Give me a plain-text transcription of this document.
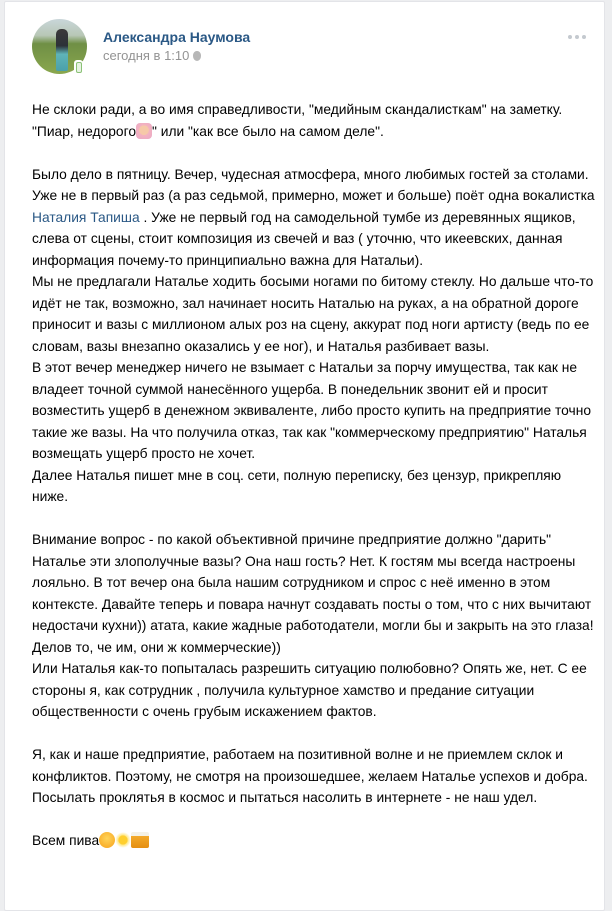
Александра Наумова
сегодня в 1:10

Не склоки ради, а во имя справедливости, "медийным скандалисткам" на заметку.

"Пиар, недорого " или "как все было на самом деле".

Было дело в пятницу. Вечер, чудесная атмосфера, много любимых гостей за столами. Уже не в первый раз (а раз седьмой, примерно, может и больше) поёт одна вокалистка Наталия Тапиша . Уже не первый год на самодельной тумбе из деревянных ящиков, слева от сцены, стоит композиция из свечей и ваз ( уточню, что икеевских, данная информация почему-то принципиально важна для Натальи).

Мы не предлагали Наталье ходить босыми ногами по битому стеклу. Но дальше что-то идёт не так, возможно, зал начинает носить Наталью на руках, а на обратной дороге приносит и вазы с миллионом алых роз на сцену, аккурат под ноги артисту (ведь по ее словам, вазы внезапно оказались у ее ног), и Наталья разбивает вазы.

В этот вечер менеджер ничего не взымает с Натальи за порчу имущества, так как не владеет точной суммой нанесённого ущерба. В понедельник звонит ей и просит возместить ущерб в денежном эквиваленте, либо просто купить на предприятие точно такие же вазы. На что получила отказ, так как "коммерческому предприятию" Наталья возмещать ущерб просто не хочет.

Далее Наталья пишет мне в соц. сети, полную переписку, без цензур, прикрепляю ниже.

Внимание вопрос - по какой объективной причине предприятие должно "дарить" Наталье эти злополучные вазы? Она наш гость? Нет. К гостям мы всегда настроены лояльно. В тот вечер она была нашим сотрудником и спрос с неё именно в этом контексте. Давайте теперь и повара начнут создавать посты о том, что с них вычитают недостачи кухни)) атата, какие жадные работодатели, могли бы и закрыть на это глаза! Делов то, че им, они ж коммерческие))

Или Наталья как-то попыталась разрешить ситуацию полюбовно? Опять же, нет. С ее стороны я, как сотрудник , получила культурное хамство и предание ситуации общественности с очень грубым искажением фактов.

Я, как и наше предприятие, работаем на позитивной волне и не приемлем склок и конфликтов. Поэтому, не смотря на произошедшее, желаем Наталье успехов и добра. Посылать проклятья в космос и пытаться насолить в интернете - не наш удел.

Всем пива
